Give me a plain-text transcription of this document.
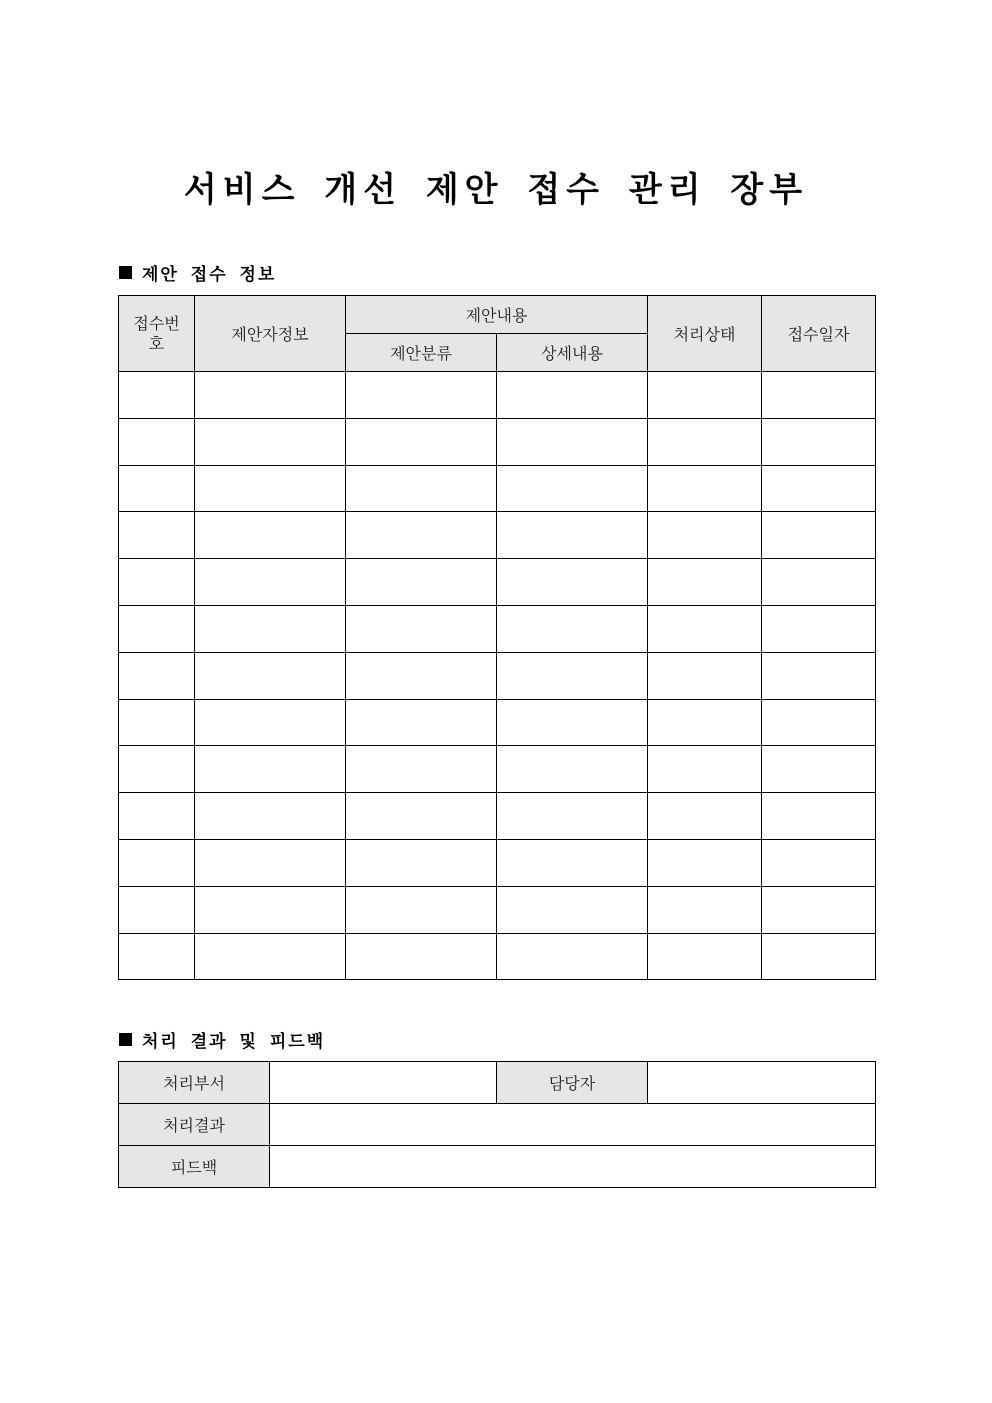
서비스 개선 제안 접수 관리 장부
제안 접수 정보
접수번호	제안자정보	제안내용		처리상태	접수일자
		제안분류	상세내용		

처리 결과 및 피드백
처리부서		담당자	
처리결과			
피드백			
